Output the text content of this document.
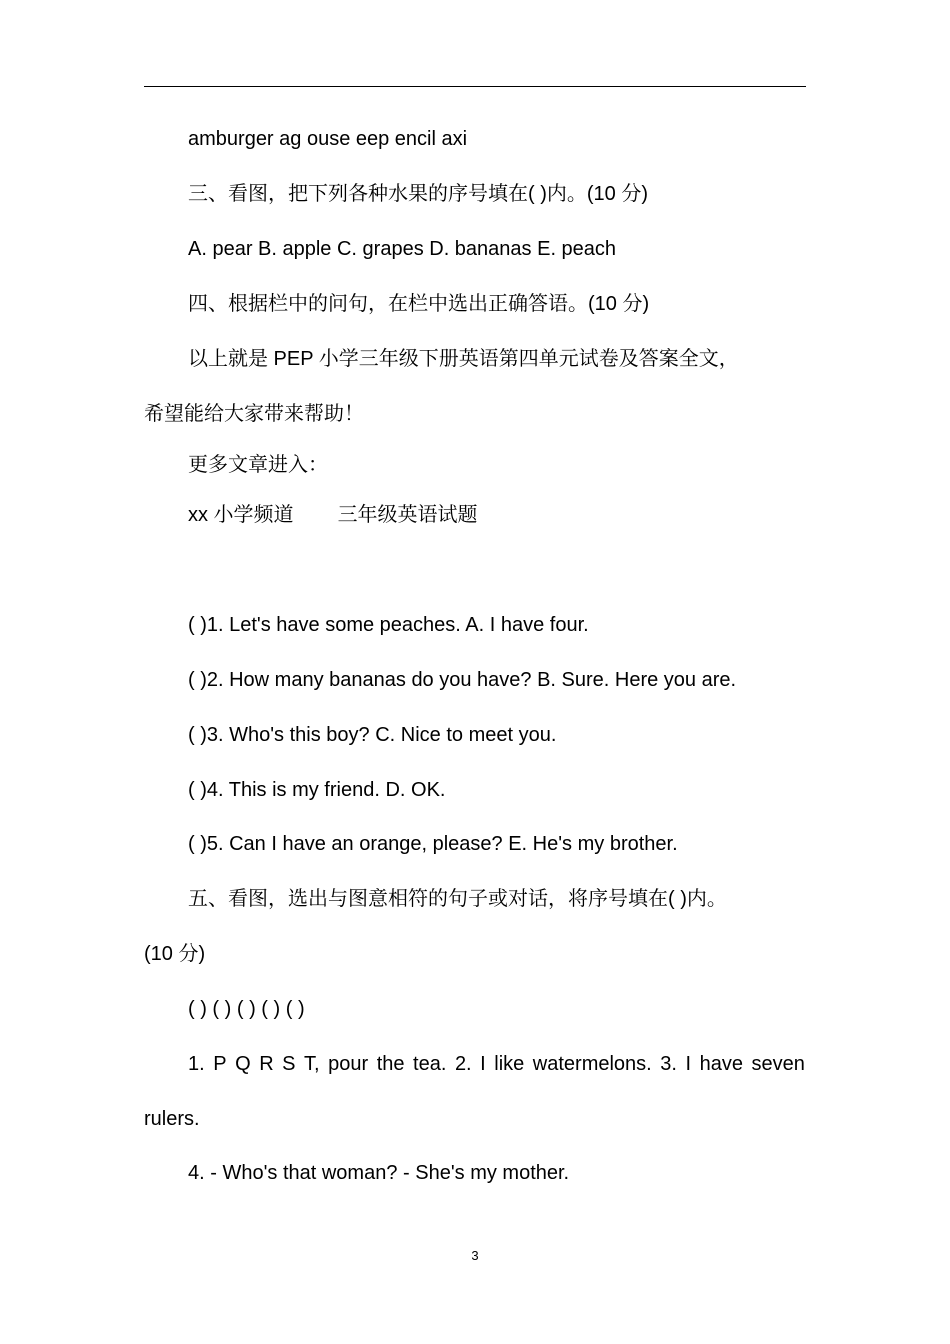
amburger ag ouse eep encil axi
三、看图，把下列各种水果的序号填在( )内。(10 分)
A. pear B. apple C. grapes D. bananas E. peach
四、根据栏中的问句，在栏中选出正确答语。(10 分)
以上就是 PEP 小学三年级下册英语第四单元试卷及答案全文，
希望能给大家带来帮助！
更多文章进入：
xx 小学频道 三年级英语试题
( )1. Let's have some peaches. A. I have four.
( )2. How many bananas do you have? B. Sure. Here you are.
( )3. Who's this boy? C. Nice to meet you.
( )4. This is my friend. D. OK.
( )5. Can I have an orange, please? E. He's my brother.
五、看图，选出与图意相符的句子或对话，将序号填在( )内。
(10 分)
( ) ( ) ( ) ( ) ( )
1. P Q R S T, pour the tea. 2. I like watermelons. 3. I have seven
rulers.
4. - Who's that woman? - She's my mother.
3
